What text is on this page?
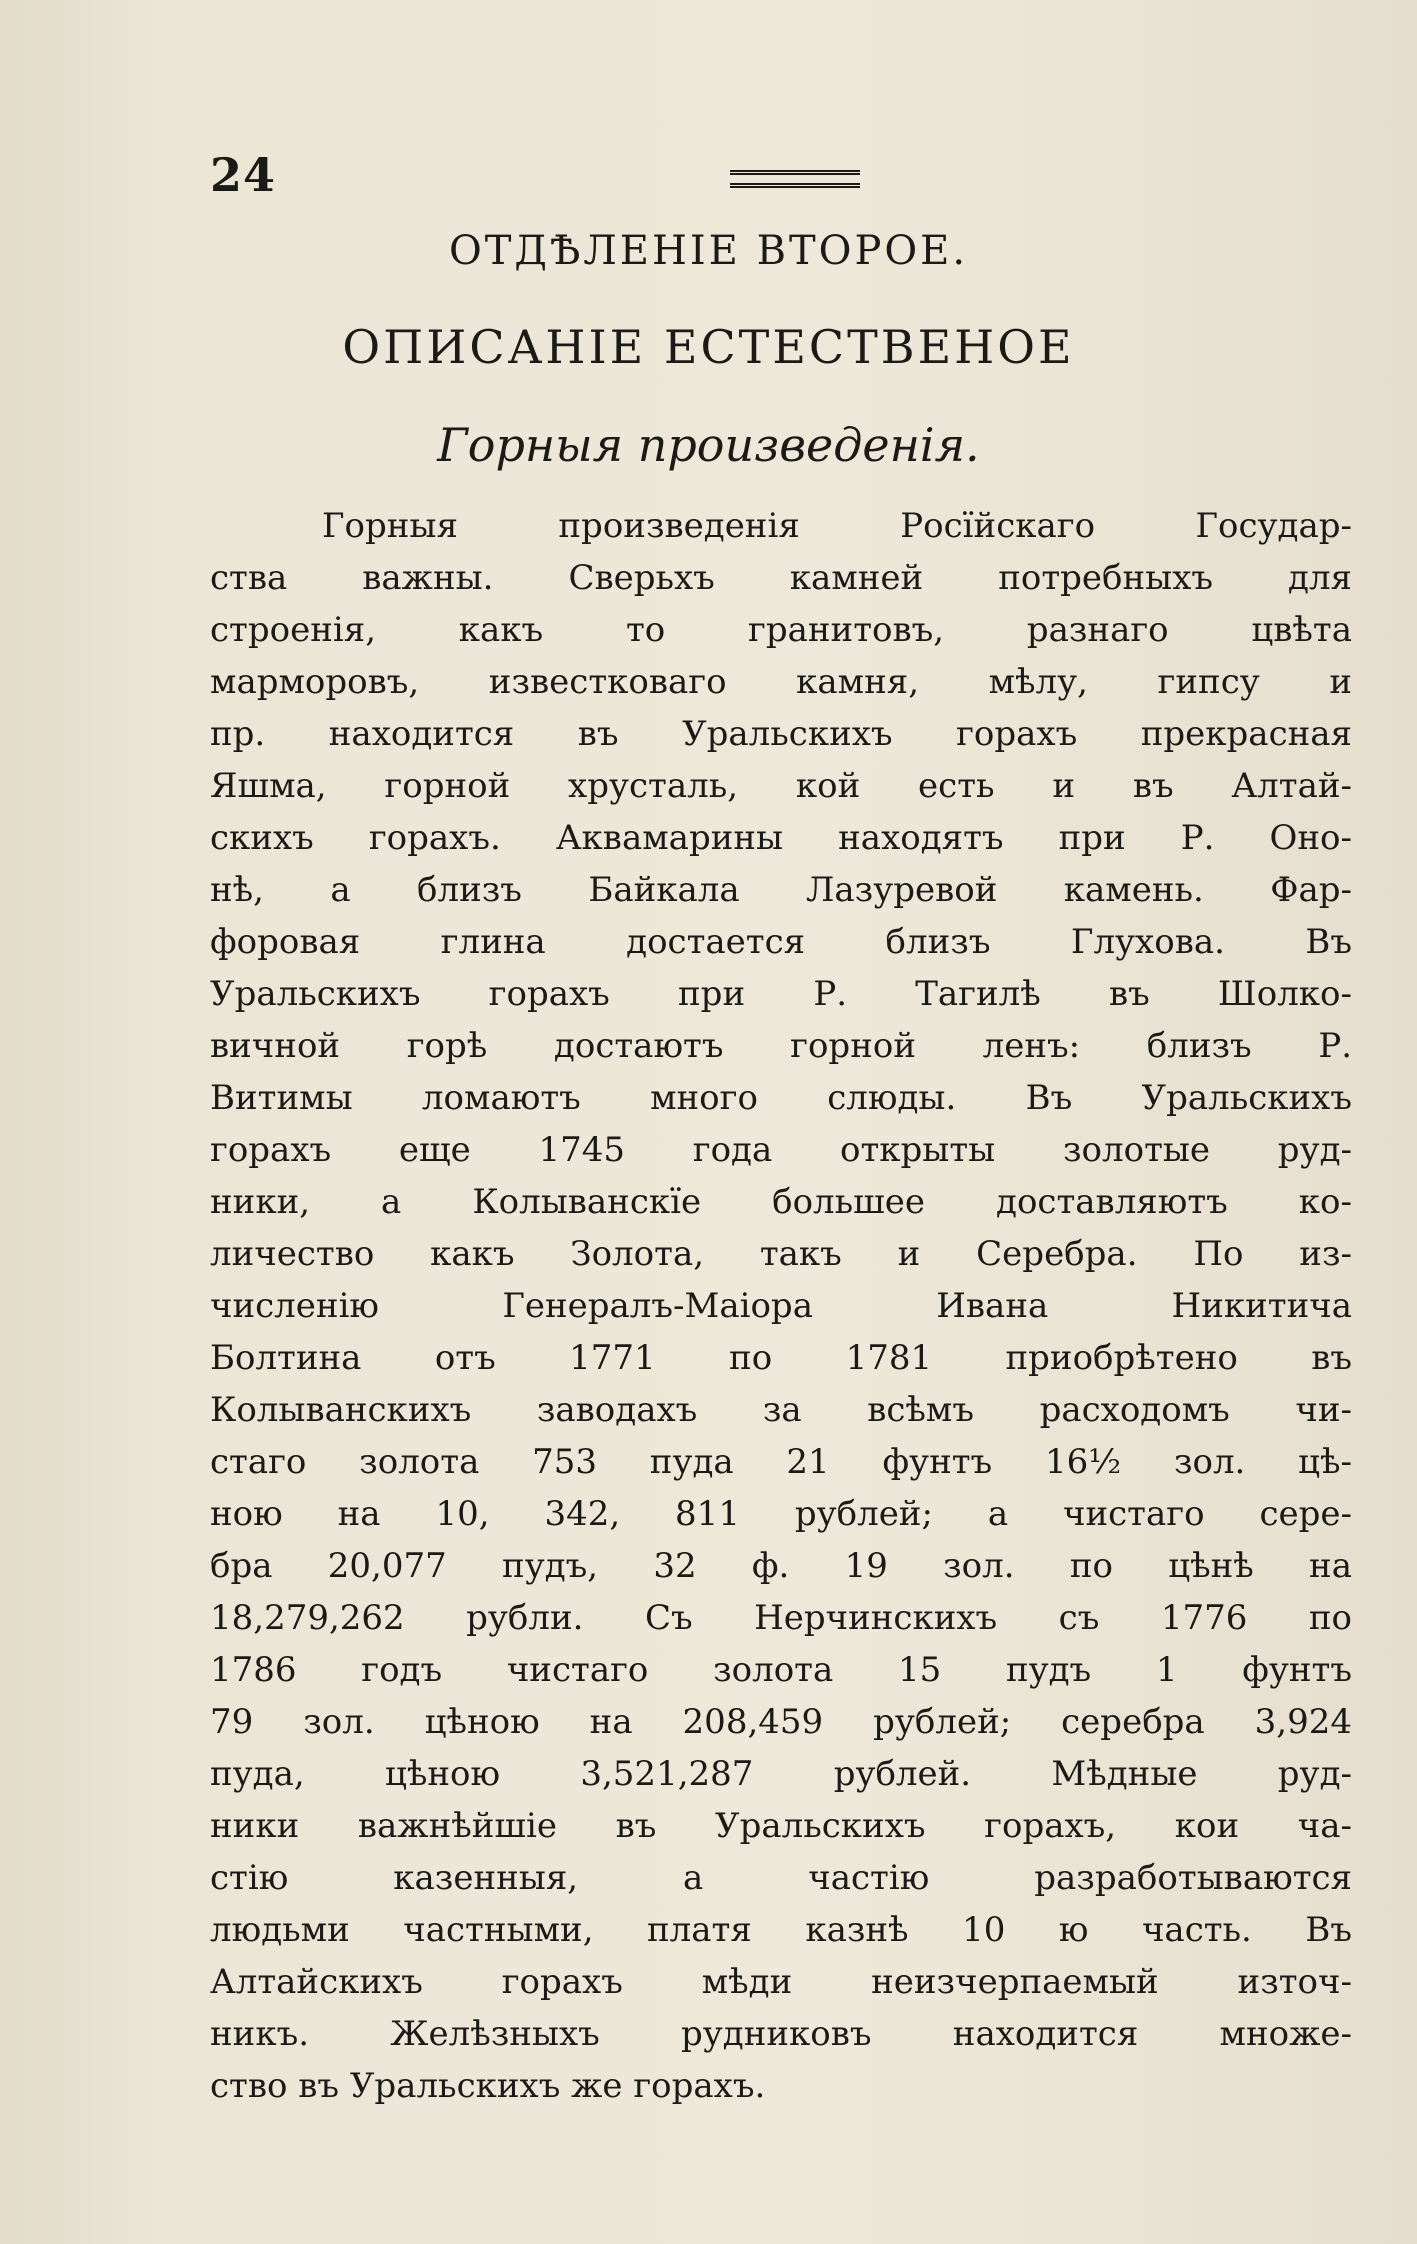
24
ОТДѢЛЕНІЕ ВТОРОЕ.
ОПИСАНІЕ ЕСТЕСТВЕНОЕ
Горныя произведенія.
Горныя произведенія Росїйскаго Государ-
ства важны. Сверьхъ камней потребныхъ для
строенія, какъ то гранитовъ, разнаго цвѣта
марморовъ, известковаго камня, мѣлу, гипсу и
пр. находится въ Уральскихъ горахъ прекрасная
Яшма, горной хрусталь, кой есть и въ Алтай-
скихъ горахъ. Аквамарины находятъ при Р. Оно-
нѣ, а близъ Байкала Лазуревой камень. Фар-
форовая глина достается близъ Глухова. Въ
Уральскихъ горахъ при Р. Тагилѣ въ Шолко-
вичной горѣ достаютъ горной ленъ: близъ Р.
Витимы ломаютъ много слюды. Въ Уральскихъ
горахъ еще 1745 года открыты золотые руд-
ники, а Колыванскїе большее доставляютъ ко-
личество какъ Золота, такъ и Серебра. По из-
численію Генералъ-Маіора Ивана Никитича
Болтина отъ 1771 по 1781 приобрѣтено въ
Колыванскихъ заводахъ за всѣмъ расходомъ чи-
стаго золота 753 пуда 21 фунтъ 16½ зол. цѣ-
ною на 10, 342, 811 рублей; а чистаго сере-
бра 20,077 пудъ, 32 ф. 19 зол. по цѣнѣ на
18,279,262 рубли. Съ Нерчинскихъ съ 1776 по
1786 годъ чистаго золота 15 пудъ 1 фунтъ
79 зол. цѣною на 208,459 рублей; серебра 3,924
пуда, цѣною 3,521,287 рублей. Мѣдные руд-
ники важнѣйшіе въ Уральскихъ горахъ, кои ча-
стію казенныя, а частію разработываются
людьми частными, платя казнѣ 10 ю часть. Въ
Алтайскихъ горахъ мѣди неизчерпаемый източ-
никъ. Желѣзныхъ рудниковъ находится множе-
ство въ Уральскихъ же горахъ.
